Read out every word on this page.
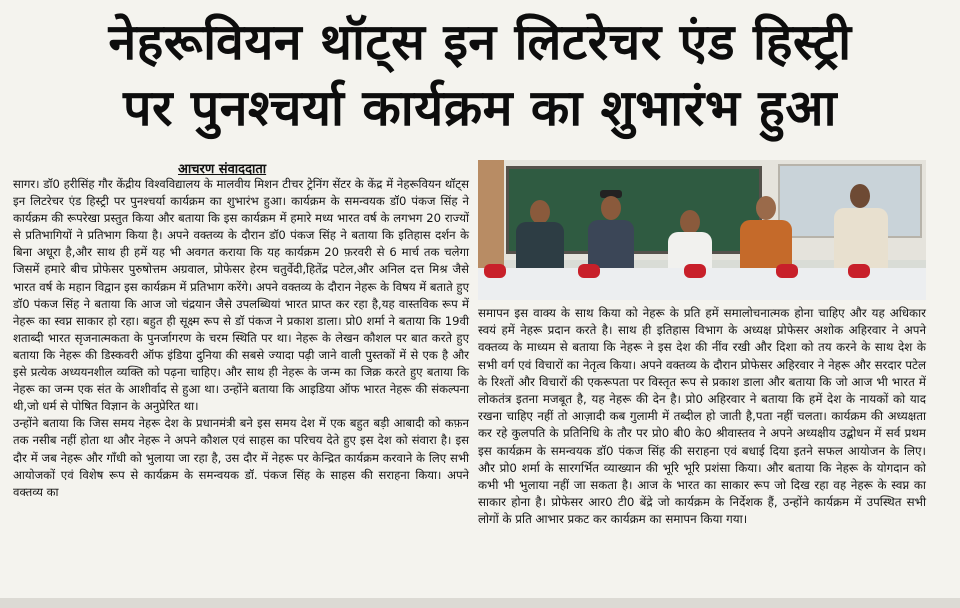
नेहरूवियन थॉट्स इन लिटरेचर एंड हिस्ट्री
पर पुनश्चर्या कार्यक्रम का शुभारंभ हुआ
आचरण संवाददाता

सागर। डॉ0 हरीसिंह गौर केंद्रीय विश्वविद्यालय के मालवीय मिशन टीचर ट्रेनिंग सेंटर के केंद्र में नेहरूवियन थॉट्स इन लिटरेचर एंड हिस्ट्री पर पुनश्चर्या कार्यक्रम का शुभारंभ हुआ। कार्यक्रम के समन्वयक डॉ0 पंकज सिंह ने कार्यक्रम की रूपरेखा प्रस्तुत किया और बताया कि इस कार्यक्रम में हमारे मध्य भारत वर्ष के लगभग 20 राज्यों से प्रतिभागियों ने प्रतिभाग किया है। अपने वक्तव्य के दौरान डॉ0 पंकज सिंह ने बताया कि इतिहास दर्शन के बिना अधूरा है,और साथ ही हमें यह भी अवगत कराया कि यह कार्यक्रम 20 फ़रवरी से 6 मार्च तक चलेगा जिसमें हमारे बीच प्रोफेसर पुरुषोत्तम अग्रवाल, प्रोफेसर हेरम चतुर्वेदी,हितेंद्र पटेल,और अनिल दत्त मिश्र जैसे भारत वर्ष के महान विद्वान इस कार्यक्रम में प्रतिभाग करेंगे। अपने वक्तव्य के दौरान नेहरू के विषय में बताते हुए डॉ0 पंकज सिंह ने बताया कि आज जो चंद्रयान जैसे उपलब्धियां भारत प्राप्त कर रहा है,यह वास्तविक रूप में नेहरू का स्वप्न साकार हो रहा। बहुत ही सूक्ष्म रूप से डॉ पंकज ने प्रकाश डाला। प्रो0 शर्मा ने बताया कि 19वी शताब्दी भारत सृजनात्मकता के पुनर्जागरण के चरम स्थिति पर था। नेहरू के लेखन कौशल पर बात करते हुए बताया कि नेहरू की डिस्कवरी ऑफ इंडिया दुनिया की सबसे ज्यादा पढ़ी जाने वाली पुस्तकों में से एक है और इसे प्रत्येक अध्ययनशील व्यक्ति को पढ़ना चाहिए। और साथ ही नेहरू के जन्म का जिक्र करते हुए बताया कि नेहरू का जन्म एक संत के आशीर्वाद से हुआ था। उन्होंने बताया कि आइडिया ऑफ भारत नेहरू की संकल्पना थी,जो धर्म से पोषित विज्ञान के अनुप्रेरित था।

उन्होंने बताया कि जिस समय नेहरू देश के प्रधानमंत्री बने इस समय देश में एक बहुत बड़ी आबादी को कफ़न तक नसीब नहीं होता था और नेहरू ने अपने कौशल एवं साहस का परिचय देते हुए इस देश को संवारा है। इस दौर में जब नेहरू और गाँधी को भुलाया जा रहा है, उस दौर में नेहरू पर केन्द्रित कार्यक्रम करवाने के लिए सभी आयोजकों एवं विशेष रूप से कार्यक्रम के समन्वयक डॉ. पंकज सिंह के साहस की सराहना किया। अपने वक्तव्य का

समापन इस वाक्य के साथ किया को नेहरू के प्रति हमें समालोचनात्मक होना चाहिए और यह अधिकार स्वयं हमें नेहरू प्रदान करते है। साथ ही इतिहास विभाग के अध्यक्ष प्रोफेसर अशोक अहिरवार ने अपने वक्तव्य के माध्यम से बताया कि नेहरू ने इस देश की नींव रखी और दिशा को तय करने के साथ देश के सभी वर्ग एवं विचारों का नेतृत्व किया। अपने वक्तव्य के दौरान प्रोफेसर अहिरवार ने नेहरू और सरदार पटेल के रिश्तों और विचारों की एकरूपता पर विस्तृत रूप से प्रकाश डाला और बताया कि जो आज भी भारत में लोकतंत्र इतना मजबूत है, यह नेहरू की देन है। प्रो0 अहिरवार ने बताया कि हमें देश के नायकों को याद रखना चाहिए नहीं तो आज़ादी कब गुलामी में तब्दील हो जाती है,पता नहीं चलता। कार्यक्रम की अध्यक्षता कर रहे कुलपति के प्रतिनिधि के तौर पर प्रो0 बी0 के0 श्रीवास्तव ने अपने अध्यक्षीय उद्बोधन में सर्व प्रथम इस कार्यक्रम के समन्वयक डॉ0 पंकज सिंह की सराहना एवं बधाई दिया इतने सफल आयोजन के लिए। और प्रो0 शर्मा के सारगर्भित व्याख्यान की भूरि भूरि प्रशंसा किया। और बताया कि नेहरू के योगदान को कभी भी भुलाया नहीं जा सकता है। आज के भारत का साकार रूप जो दिख रहा वह नेहरू के स्वप्न का साकार होना है। प्रोफेसर आर0 टी0 बेंद्रे जो कार्यक्रम के निर्देशक हैं, उन्होंने कार्यक्रम में उपस्थित सभी लोगों के प्रति आभार प्रकट कर कार्यक्रम का समापन किया गया।
